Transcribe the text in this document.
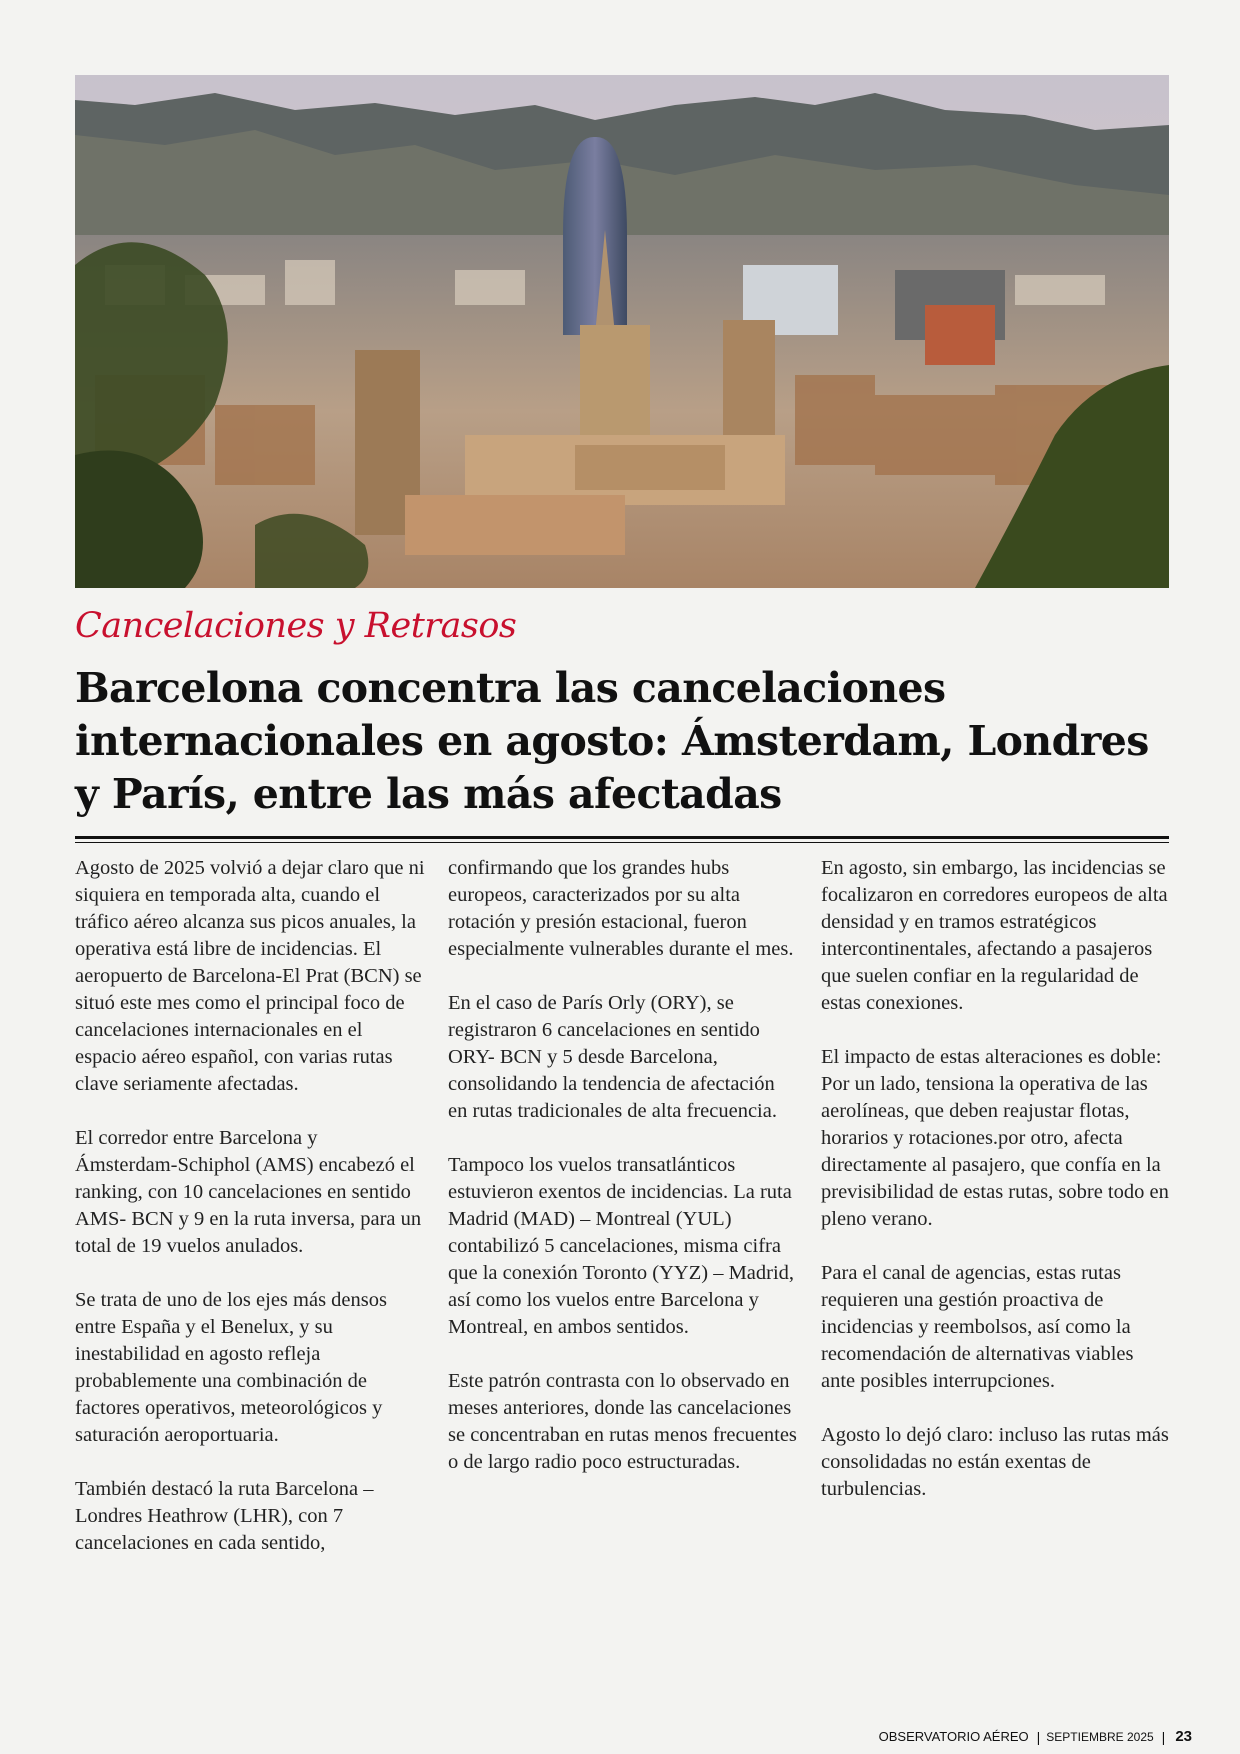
Cancelaciones y Retrasos
Barcelona concentra las cancelaciones internacionales en agosto: Ámsterdam, Londres y París, entre las más afectadas

Agosto de 2025 volvió a dejar claro que ni siquiera en temporada alta, cuando el tráfico aéreo alcanza sus picos anuales, la operativa está libre de incidencias. El aeropuerto de Barcelona-El Prat (BCN) se situó este mes como el principal foco de cancelaciones internacionales en el espacio aéreo español, con varias rutas clave seriamente afectadas.

El corredor entre Barcelona y Ámsterdam-Schiphol (AMS) encabezó el ranking, con 10 cancelaciones en sentido AMS- BCN y 9 en la ruta inversa, para un total de 19 vuelos anulados.

Se trata de uno de los ejes más densos entre España y el Benelux, y su inestabilidad en agosto refleja probablemente una combinación de factores operativos, meteorológicos y saturación aeroportuaria.

También destacó la ruta Barcelona – Londres Heathrow (LHR), con 7 cancelaciones en cada sentido,

confirmando que los grandes hubs europeos, caracterizados por su alta rotación y presión estacional, fueron especialmente vulnerables durante el mes.

En el caso de París Orly (ORY), se registraron 6 cancelaciones en sentido ORY- BCN y 5 desde Barcelona, consolidando la tendencia de afectación en rutas tradicionales de alta frecuencia.

Tampoco los vuelos transatlánticos estuvieron exentos de incidencias. La ruta Madrid (MAD) – Montreal (YUL) contabilizó 5 cancelaciones, misma cifra que la conexión Toronto (YYZ) – Madrid, así como los vuelos entre Barcelona y Montreal, en ambos sentidos.

Este patrón contrasta con lo observado en meses anteriores, donde las cancelaciones se concentraban en rutas menos frecuentes o de largo radio poco estructuradas.

En agosto, sin embargo, las incidencias se focalizaron en corredores europeos de alta densidad y en tramos estratégicos intercontinentales, afectando a pasajeros que suelen confiar en la regularidad de estas conexiones.

El impacto de estas alteraciones es doble: Por un lado, tensiona la operativa de las aerolíneas, que deben reajustar flotas, horarios y rotaciones.por otro, afecta directamente al pasajero, que confía en la previsibilidad de estas rutas, sobre todo en pleno verano.

Para el canal de agencias, estas rutas requieren una gestión proactiva de incidencias y reembolsos, así como la recomendación de alternativas viables ante posibles interrupciones.

Agosto lo dejó claro: incluso las rutas más consolidadas no están exentas de turbulencias.

OBSERVATORIO AÉREO | SEPTIEMBRE 2025 | 23
